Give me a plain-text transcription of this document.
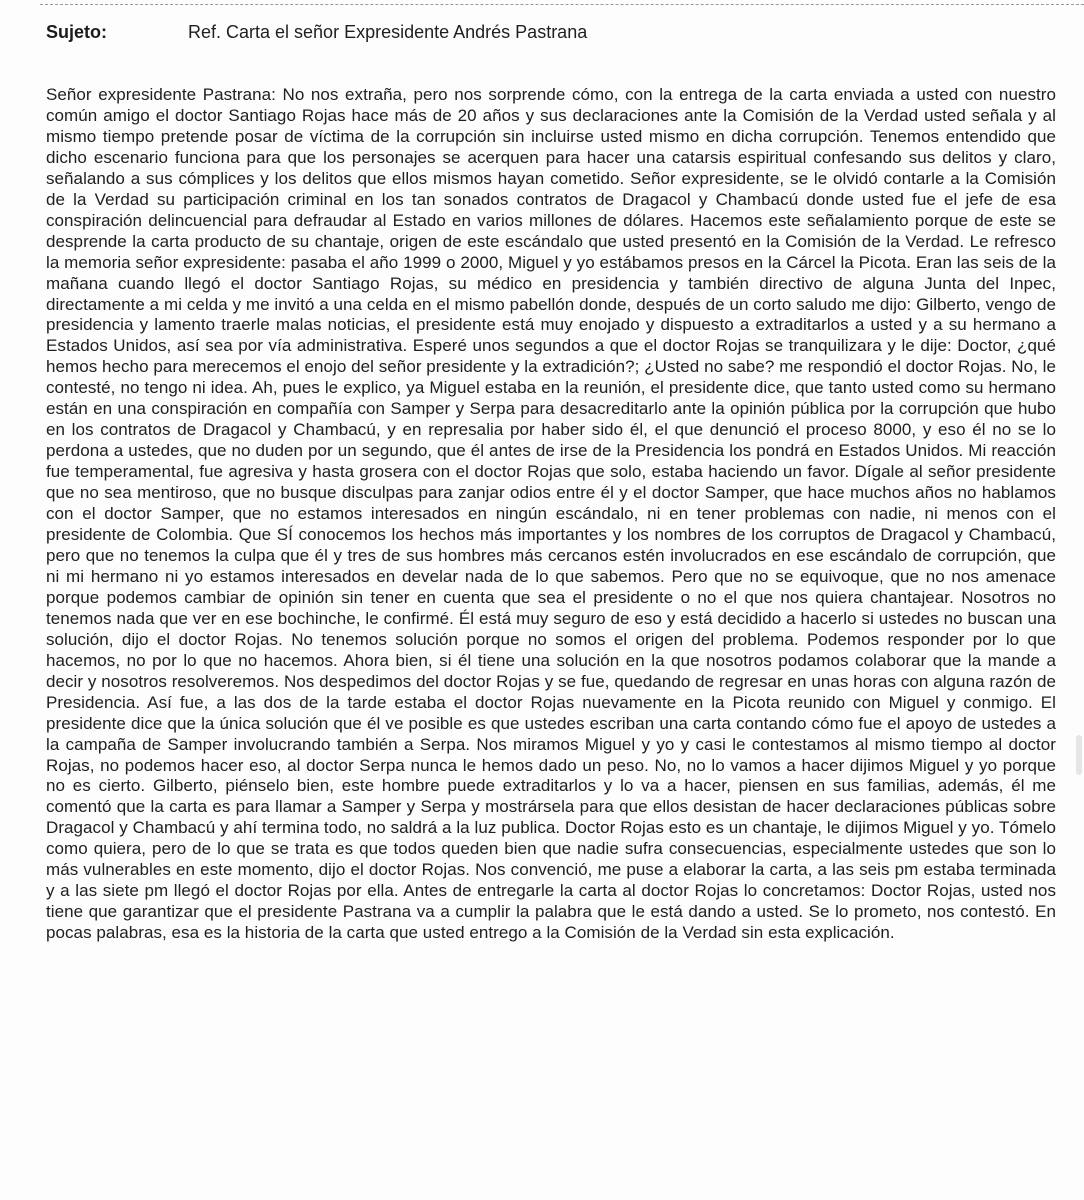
Sujeto:	Ref. Carta el señor Expresidente Andrés Pastrana

Señor expresidente Pastrana: No nos extraña, pero nos sorprende cómo, con la entrega de la carta enviada a usted con nuestro común amigo el doctor Santiago Rojas hace más de 20 años y sus declaraciones ante la Comisión de la Verdad usted señala y al mismo tiempo pretende posar de víctima de la corrupción sin incluirse usted mismo en dicha corrupción. Tenemos entendido que dicho escenario funciona para que los personajes se acerquen para hacer una catarsis espiritual confesando sus delitos y claro, señalando a sus cómplices y los delitos que ellos mismos hayan cometido. Señor expresidente, se le olvidó contarle a la Comisión de la Verdad su participación criminal en los tan sonados contratos de Dragacol y Chambacú donde usted fue el jefe de esa conspiración delincuencial para defraudar al Estado en varios millones de dólares. Hacemos este señalamiento porque de este se desprende la carta producto de su chantaje, origen de este escándalo que usted presentó en la Comisión de la Verdad. Le refresco la memoria señor expresidente: pasaba el año 1999 o 2000, Miguel y yo estábamos presos en la Cárcel la Picota. Eran las seis de la mañana cuando llegó el doctor Santiago Rojas, su médico en presidencia y también directivo de alguna Junta del Inpec, directamente a mi celda y me invitó a una celda en el mismo pabellón donde, después de un corto saludo me dijo: Gilberto, vengo de presidencia y lamento traerle malas noticias, el presidente está muy enojado y dispuesto a extraditarlos a usted y a su hermano a Estados Unidos, así sea por vía administrativa. Esperé unos segundos a que el doctor Rojas se tranquilizara y le dije: Doctor, ¿qué hemos hecho para merecemos el enojo del señor presidente y la extradición?; ¿Usted no sabe? me respondió el doctor Rojas. No, le contesté, no tengo ni idea. Ah, pues le explico, ya Miguel estaba en la reunión, el presidente dice, que tanto usted como su hermano están en una conspiración en compañía con Samper y Serpa para desacreditarlo ante la opinión pública por la corrupción que hubo en los contratos de Dragacol y Chambacú, y en represalia por haber sido él, el que denunció el proceso 8000, y eso él no se lo perdona a ustedes, que no duden por un segundo, que él antes de irse de la Presidencia los pondrá en Estados Unidos. Mi reacción fue temperamental, fue agresiva y hasta grosera con el doctor Rojas que solo, estaba haciendo un favor. Dígale al señor presidente que no sea mentiroso, que no busque disculpas para zanjar odios entre él y el doctor Samper, que hace muchos años no hablamos con el doctor Samper, que no estamos interesados en ningún escándalo, ni en tener problemas con nadie, ni menos con el presidente de Colombia. Que SÍ conocemos los hechos más importantes y los nombres de los corruptos de Dragacol y Chambacú, pero que no tenemos la culpa que él y tres de sus hombres más cercanos estén involucrados en ese escándalo de corrupción, que ni mi hermano ni yo estamos interesados en develar nada de lo que sabemos. Pero que no se equivoque, que no nos amenace porque podemos cambiar de opinión sin tener en cuenta que sea el presidente o no el que nos quiera chantajear. Nosotros no tenemos nada que ver en ese bochinche, le confirmé. Él está muy seguro de eso y está decidido a hacerlo si ustedes no buscan una solución, dijo el doctor Rojas. No tenemos solución porque no somos el origen del problema. Podemos responder por lo que hacemos, no por lo que no hacemos. Ahora bien, si él tiene una solución en la que nosotros podamos colaborar que la mande a decir y nosotros resolveremos. Nos despedimos del doctor Rojas y se fue, quedando de regresar en unas horas con alguna razón de Presidencia. Así fue, a las dos de la tarde estaba el doctor Rojas nuevamente en la Picota reunido con Miguel y conmigo. El presidente dice que la única solución que él ve posible es que ustedes escriban una carta contando cómo fue el apoyo de ustedes a la campaña de Samper involucrando también a Serpa. Nos miramos Miguel y yo y casi le contestamos al mismo tiempo al doctor Rojas, no podemos hacer eso, al doctor Serpa nunca le hemos dado un peso. No, no lo vamos a hacer dijimos Miguel y yo porque no es cierto. Gilberto, piénselo bien, este hombre puede extraditarlos y lo va a hacer, piensen en sus familias, además, él me comentó que la carta es para llamar a Samper y Serpa y mostrársela para que ellos desistan de hacer declaraciones públicas sobre Dragacol y Chambacú y ahí termina todo, no saldrá a la luz publica. Doctor Rojas esto es un chantaje, le dijimos Miguel y yo. Tómelo como quiera, pero de lo que se trata es que todos queden bien que nadie sufra consecuencias, especialmente ustedes que son lo más vulnerables en este momento, dijo el doctor Rojas. Nos convenció, me puse a elaborar la carta, a las seis pm estaba terminada y a las siete pm llegó el doctor Rojas por ella. Antes de entregarle la carta al doctor Rojas lo concretamos: Doctor Rojas, usted nos tiene que garantizar que el presidente Pastrana va a cumplir la palabra que le está dando a usted. Se lo prometo, nos contestó. En pocas palabras, esa es la historia de la carta que usted entrego a la Comisión de la Verdad sin esta explicación.
